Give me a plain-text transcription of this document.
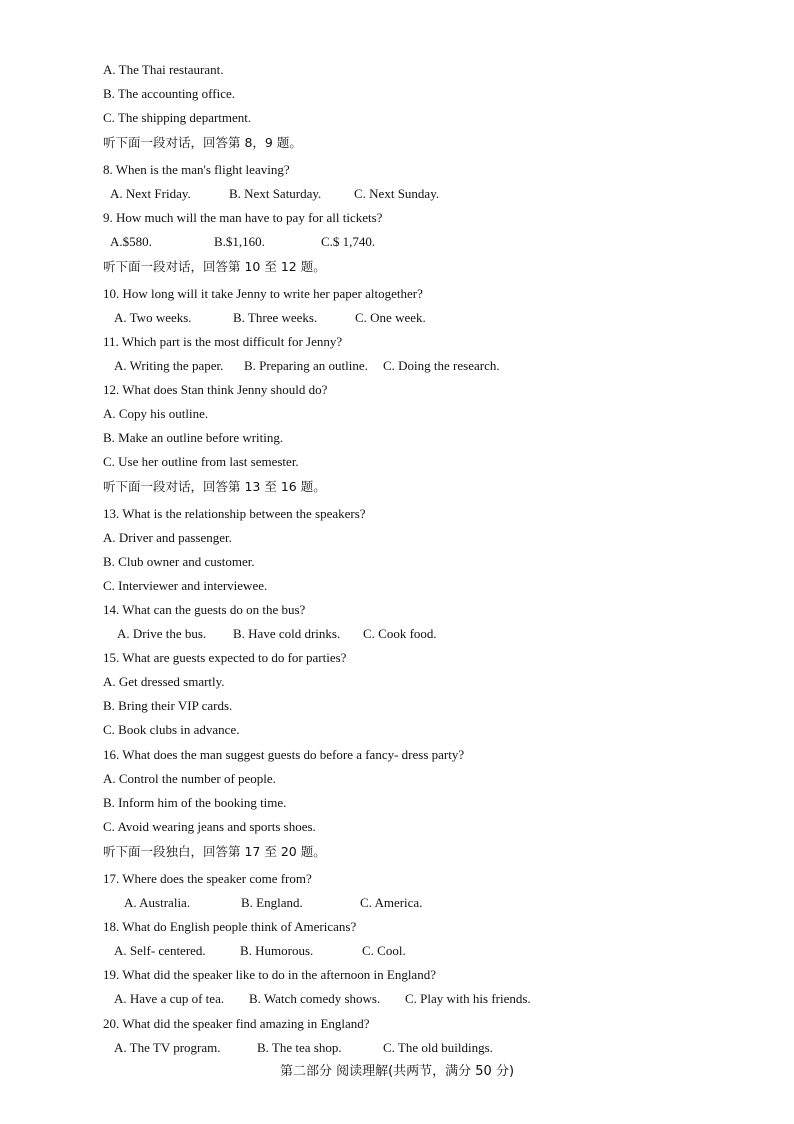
A. The Thai restaurant.
B. The accounting office.
C. The shipping department.
听下面一段对话，回答第 8，9 题。
8. When is the man's flight leaving?
A. Next Friday.	B. Next Saturday.	C. Next Sunday.
9. How much will the man have to pay for all tickets?
A.$580.	B.$1,160.	C.$ 1,740.
听下面一段对话，回答第 10 至 12 题。
10. How long will it take Jenny to write her paper altogether?
A. Two weeks.	B. Three weeks.	C. One week.
11. Which part is the most difficult for Jenny?
A. Writing the paper. B. Preparing an outline. C. Doing the research.
12. What does Stan think Jenny should do?
A. Copy his outline.
B. Make an outline before writing.
C. Use her outline from last semester.
听下面一段对话，回答第 13 至 16 题。
13. What is the relationship between the speakers?
A. Driver and passenger.
B. Club owner and customer.
C. Interviewer and interviewee.
14. What can the guests do on the bus?
A. Drive the bus. B. Have cold drinks. C. Cook food.
15. What are guests expected to do for parties?
A. Get dressed smartly.
B. Bring their VIP cards.
C. Book clubs in advance.
16. What does the man suggest guests do before a fancy- dress party?
A. Control the number of people.
B. Inform him of the booking time.
C. Avoid wearing jeans and sports shoes.
听下面一段独白，回答第 17 至 20 题。
17. Where does the speaker come from?
A. Australia.	B. England.	C. America.
18. What do English people think of Americans?
A. Self- centered.	B. Humorous.	C. Cool.
19. What did the speaker like to do in the afternoon in England?
A. Have a cup of tea. B. Watch comedy shows. C. Play with his friends.
20. What did the speaker find amazing in England?
A. The TV program.	B. The tea shop.	C. The old buildings.
第二部分 阅读理解(共两节，满分 50 分)
